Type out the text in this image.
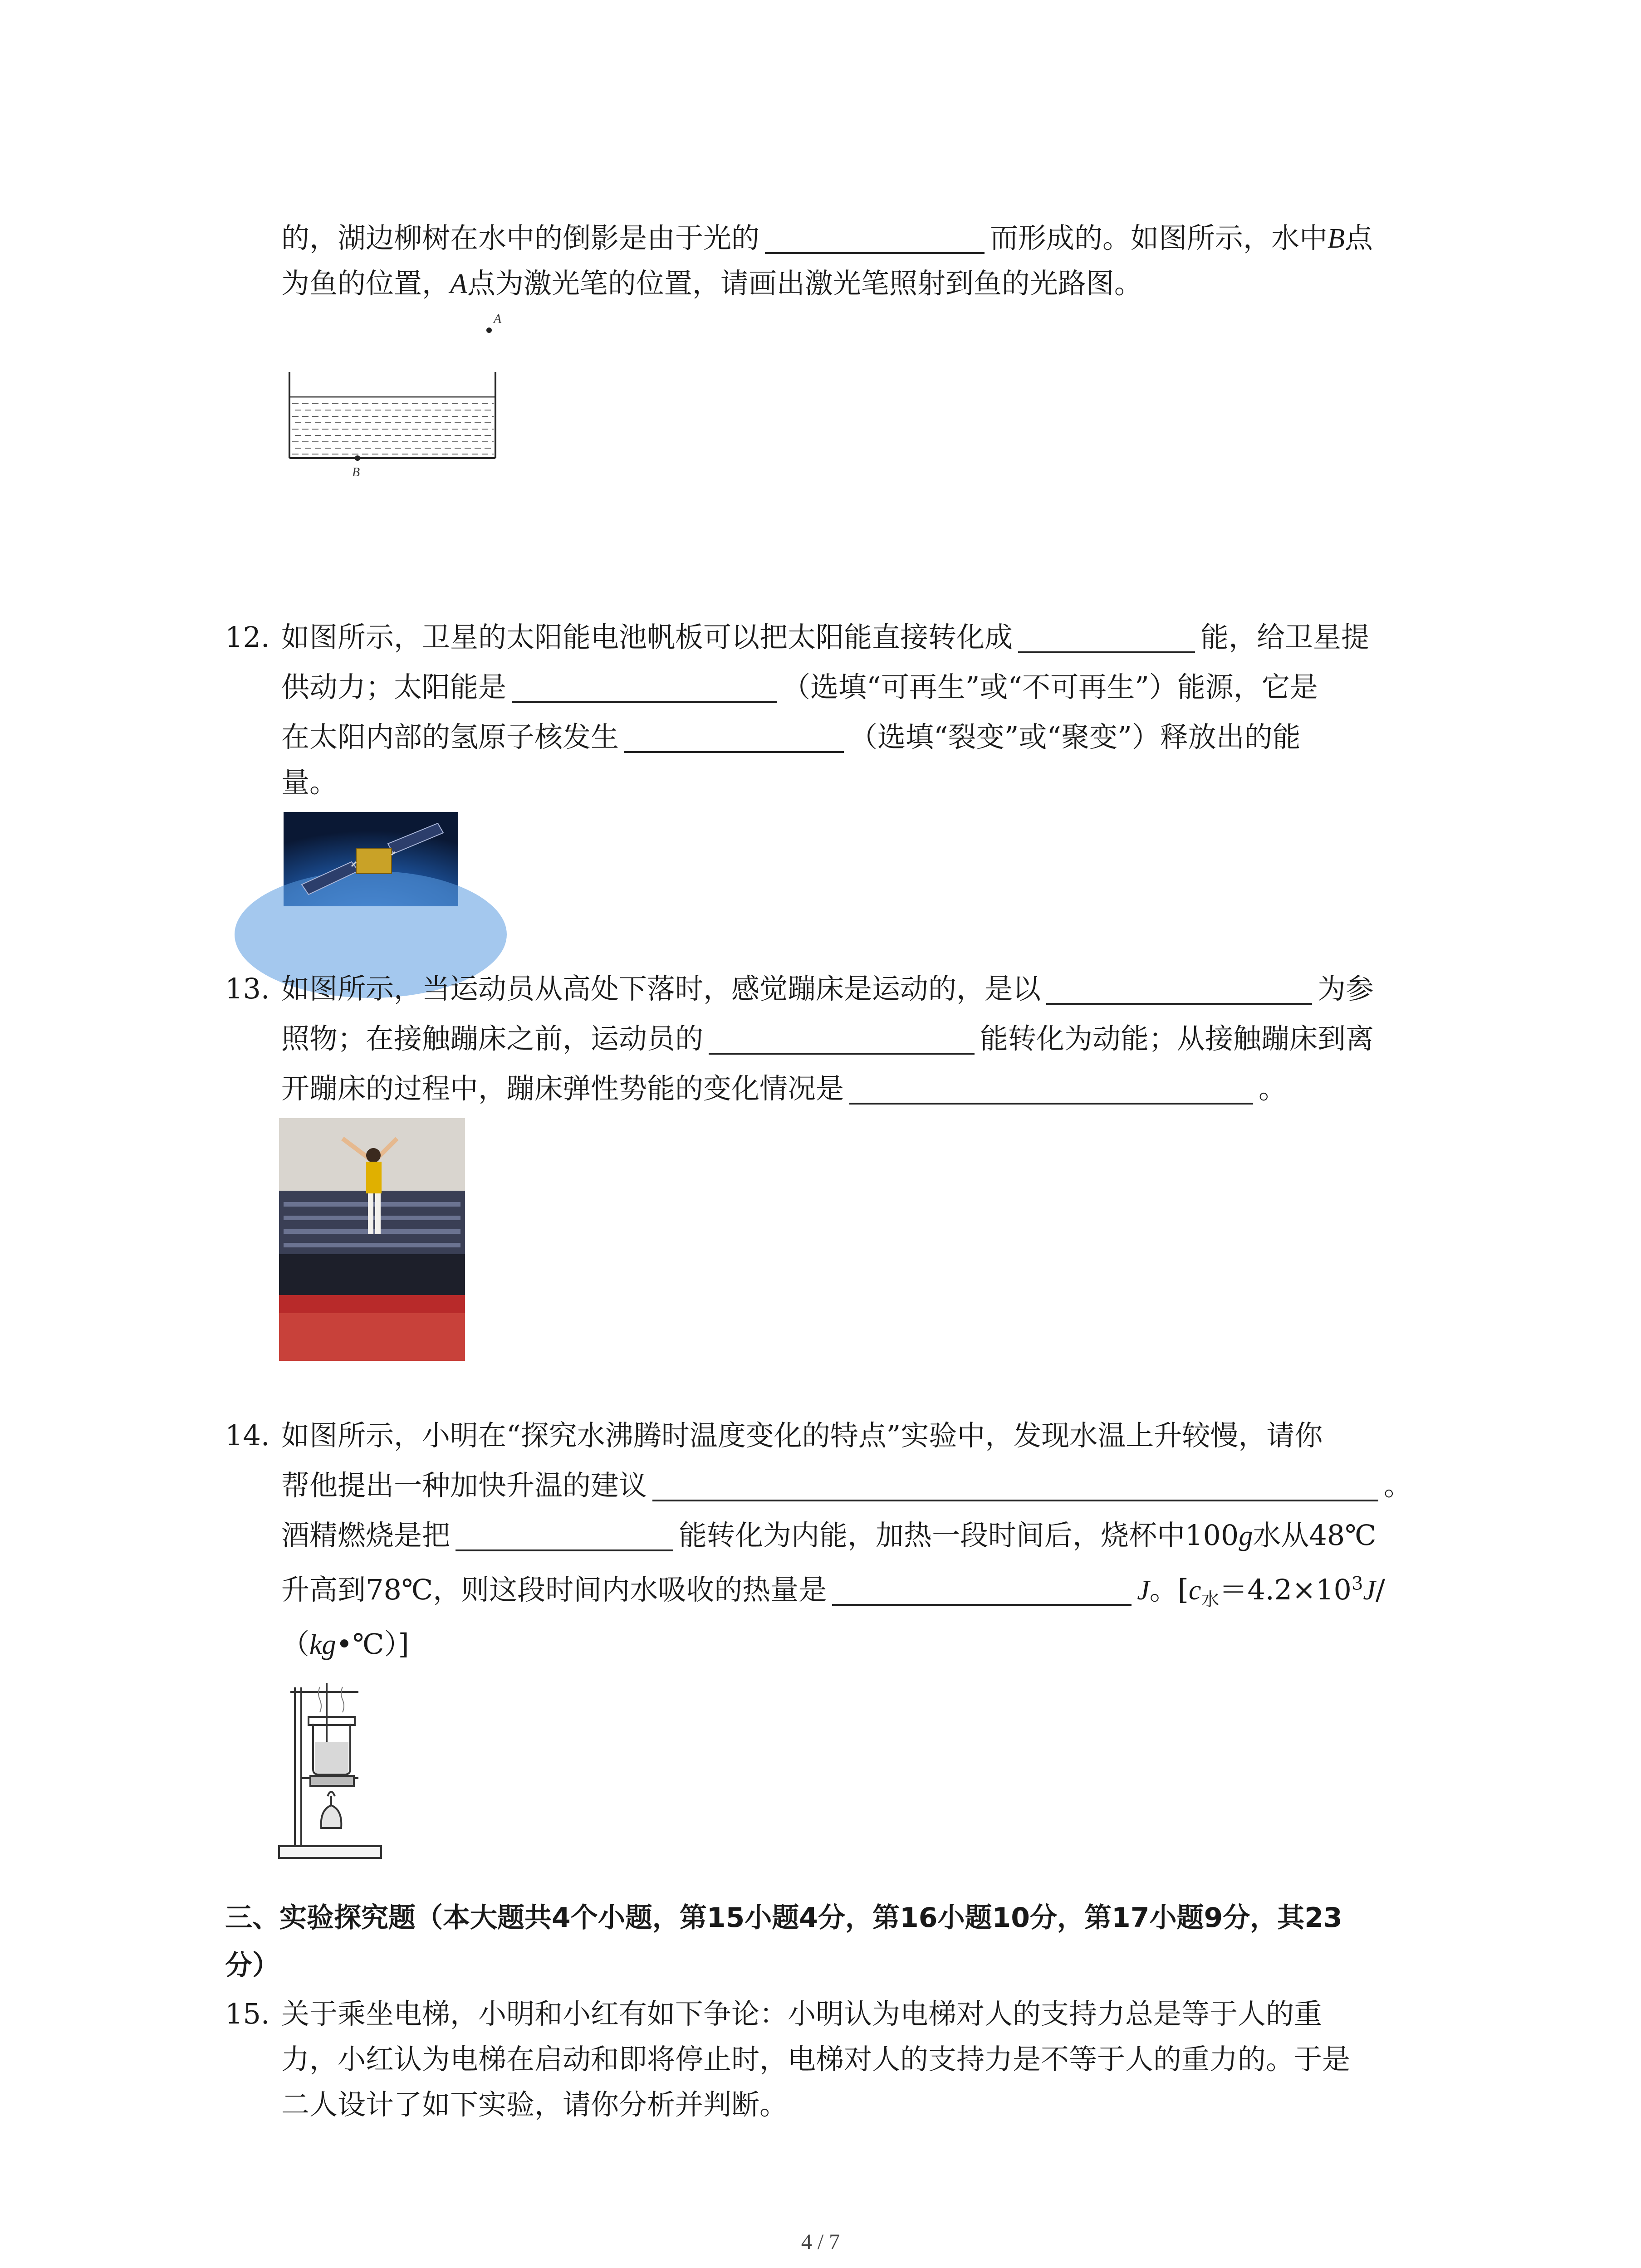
的，湖边柳树在水中的倒影是由于光的	而形成的。如图所示，水中B点
为鱼的位置，A点为激光笔的位置，请画出激光笔照射到鱼的光路图。
A
B
12. 如图所示，卫星的太阳能电池帆板可以把太阳能直接转化成	能，给卫星提
供动力；太阳能是	（选填“可再生”或“不可再生”）能源，它是
在太阳内部的氢原子核发生	（选填“裂变”或“聚变”）释放出的能
量。
13. 如图所示，当运动员从高处下落时，感觉蹦床是运动的，是以	为参
照物；在接触蹦床之前，运动员的	能转化为动能；从接触蹦床到离
开蹦床的过程中，蹦床弹性势能的变化情况是	。
14. 如图所示，小明在“探究水沸腾时温度变化的特点”实验中，发现水温上升较慢，请你
帮他提出一种加快升温的建议	。
酒精燃烧是把	能转化为内能，加热一段时间后，烧杯中100g水从48℃
升高到78℃，则这段时间内水吸收的热量是	J。[$c_水=4.2\times 10^3J/$
（kg•℃）]
三、实验探究题（本大题共4个小题，第15小题4分，第16小题10分，第17小题9分，其23
分）
15. 关于乘坐电梯，小明和小红有如下争论：小明认为电梯对人的支持力总是等于人的重
力，小红认为电梯在启动和即将停止时，电梯对人的支持力是不等于人的重力的。于是
二人设计了如下实验，请你分析并判断。
4 / 7
